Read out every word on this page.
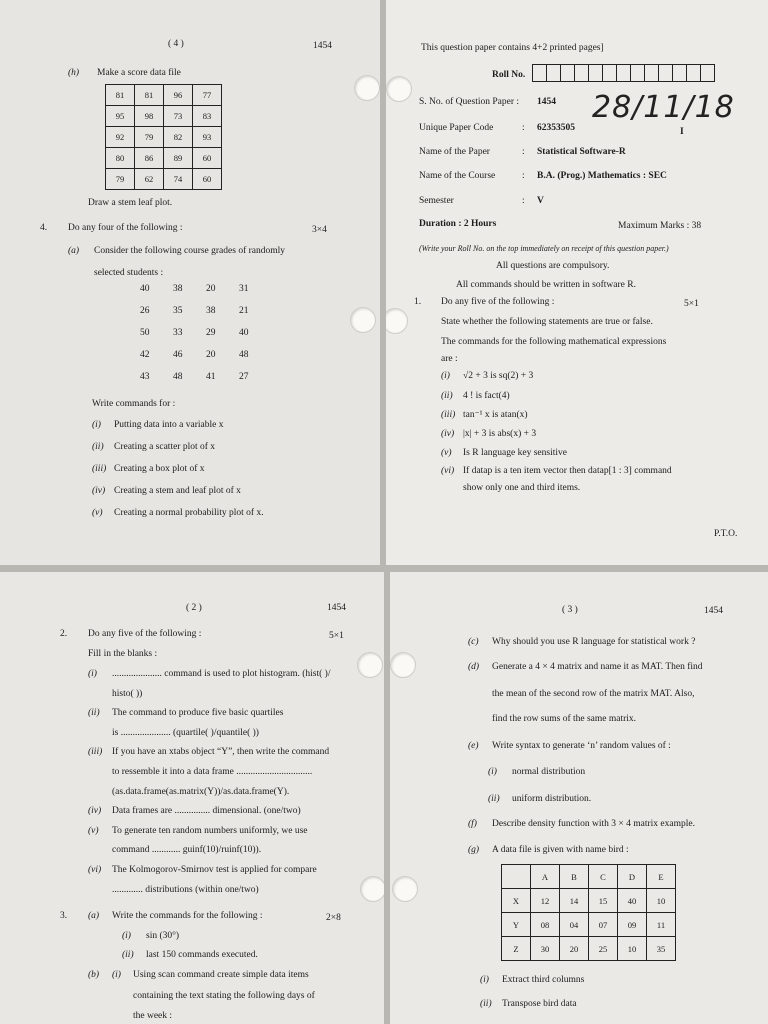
( 4 )	1454
(h) Make a score data file
81	81	96	77
95	98	73	83
92	79	82	93
80	86	89	60
79	62	74	60
Draw a stem leaf plot.
4. Do any four of the following :	3×4
(a) Consider the following course grades of randomly
selected students :
40 38 20 31
26 35 38 21
50 33 29 40
42 46 20 48
43 48 41 27
Write commands for :
(i) Putting data into a variable x
(ii) Creating a scatter plot of x
(iii) Creating a box plot of x
(iv) Creating a stem and leaf plot of x
(v) Creating a normal probability plot of x.
This question paper contains 4+2 printed pages]
Roll No.
28/11/18
I
Duration : 2 Hours	Maximum Marks : 38
(Write your Roll No. on the top immediately on receipt of this question paper.)
All questions are compulsory.
All commands should be written in software R.
1. Do any five of the following :	5×1
State whether the following statements are true or false.
The commands for the following mathematical expressions
are :
show only one and third items.
P.T.O.
S. No. of Question Paper : 1454
Unique Paper Code	: 62353505
Name of the Paper	: Statistical Software-R
Name of the Course	: B.A. (Prog.) Mathematics : SEC
Semester	: V
(i) √2 + 3 is sq(2) + 3
(ii) 4 ! is fact(4)
(iii) tan⁻¹ x is atan(x)
(iv) |x| + 3 is abs(x) + 3
(v) Is R language key sensitive
(vi) If datap is a ten item vector then datap[1 : 3] command
( 2 )	1454
2. Do any five of the following :	5×1
Fill in the blanks :
3. (a) Write the commands for the following :	2×8
(i) sin (30°)
(ii) last 150 commands executed.
(b) (i) Using scan command create simple data items
containing the text stating the following days of
the week :
(i) ..................... command is used to plot histogram. (hist( )/
histo( ))
(ii) The command to produce five basic quartiles
is ..................... (quartile( )/quantile( ))
(iii) If you have an xtabs object “Y”, then write the command
to ressemble it into a data frame ................................
(as.data.frame(as.matrix(Y))/as.data.frame(Y).
(iv) Data frames are ............... dimensional. (one/two)
(v) To generate ten random numbers uniformly, we use
command ............ guinf(10)/ruinf(10)).
(vi) The Kolmogorov-Smirnov test is applied for compare
............. distributions (within one/two)
( 3 )	1454
	A	B	C	D	E
X	12	14	15	40	10
Y	08	04	07	09	11
Z	30	20	25	10	35
(i) Extract third columns
(ii) Transpose bird data
(c) Why should you use R language for statistical work ?
(d) Generate a 4 × 4 matrix and name it as MAT. Then find
the mean of the second row of the matrix MAT. Also,
find the row sums of the same matrix.
(e) Write syntax to generate ‘n’ random values of :
(i) normal distribution
(ii) uniform distribution.
(f) Describe density function with 3 × 4 matrix example.
(g) A data file is given with name bird :
